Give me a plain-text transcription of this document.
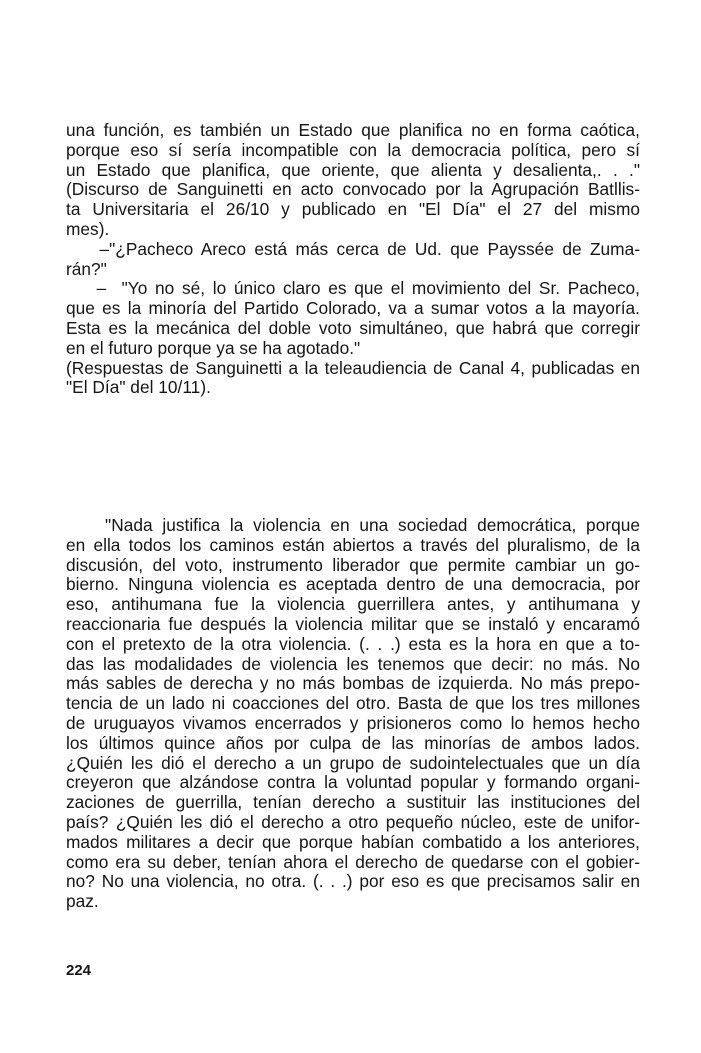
una función, es también un Estado que planifica no en forma caótica,
porque eso sí sería incompatible con la democracia política, pero sí
un Estado que planifica, que oriente, que alienta y desalienta,. . ."
(Discurso de Sanguinetti en acto convocado por la Agrupación Batllis-
ta Universitaria el 26/10 y publicado en "El Día" el 27 del mismo
mes).
–"¿Pacheco Areco está más cerca de Ud. que Payssée de Zuma-
rán?"
–  "Yo no sé, lo único claro es que el movimiento del Sr. Pacheco,
que es la minoría del Partido Colorado, va a sumar votos a la mayoría.
Esta es la mecánica del doble voto simultáneo, que habrá que corregir
en el futuro porque ya se ha agotado."
(Respuestas de Sanguinetti a la teleaudiencia de Canal 4, publicadas en
"El Día" del 10/11).
"Nada justifica la violencia en una sociedad democrática, porque
en ella todos los caminos están abiertos a través del pluralismo, de la
discusión, del voto, instrumento liberador que permite cambiar un go-
bierno. Ninguna violencia es aceptada dentro de una democracia, por
eso, antihumana fue la violencia guerrillera antes, y antihumana y
reaccionaria fue después la violencia militar que se instaló y encaramó
con el pretexto de la otra violencia. (. . .) esta es la hora en que a to-
das las modalidades de violencia les tenemos que decir: no más. No
más sables de derecha y no más bombas de izquierda. No más prepo-
tencia de un lado ni coacciones del otro. Basta de que los tres millones
de uruguayos vivamos encerrados y prisioneros como lo hemos hecho
los últimos quince años por culpa de las minorías de ambos lados.
¿Quién les dió el derecho a un grupo de sudointelectuales que un día
creyeron que alzándose contra la voluntad popular y formando organi-
zaciones de guerrilla, tenían derecho a sustituir las instituciones del
país? ¿Quién les dió el derecho a otro pequeño núcleo, este de unifor-
mados militares a decir que porque habían combatido a los anteriores,
como era su deber, tenían ahora el derecho de quedarse con el gobier-
no? No una violencia, no otra. (. . .) por eso es que precisamos salir en
paz.
224
